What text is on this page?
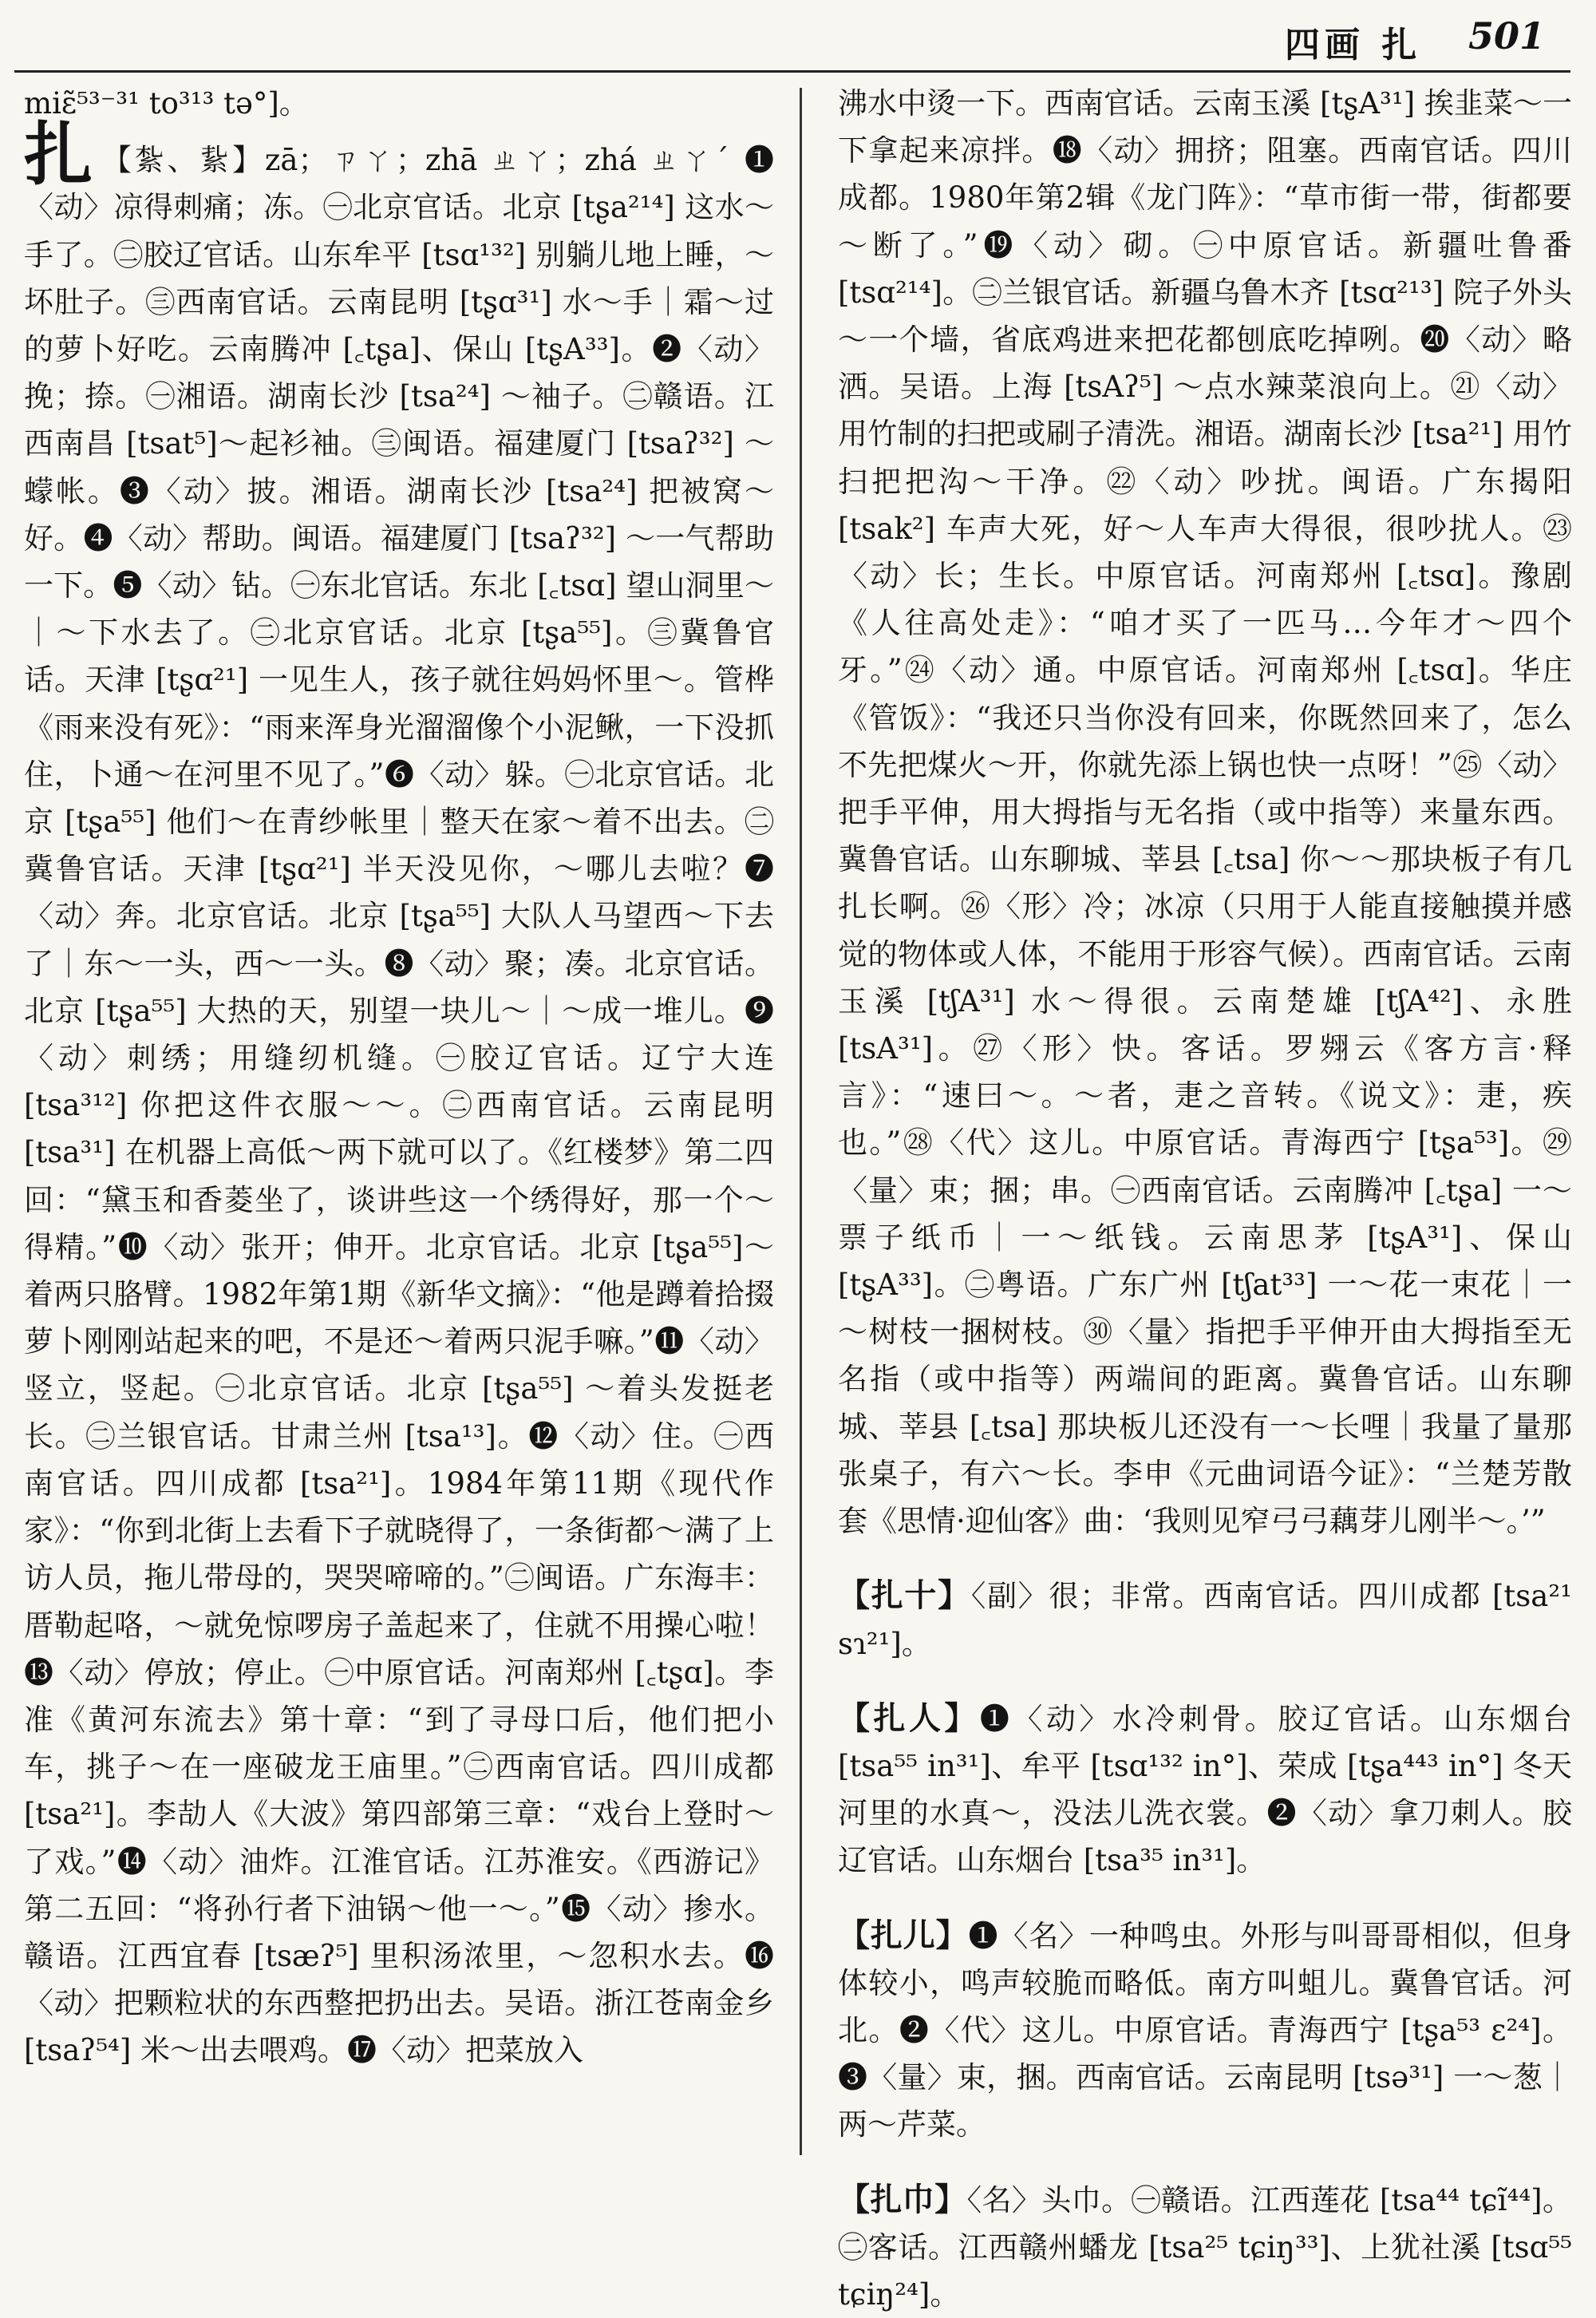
四画 扎 501

miɛ̃⁵³⁻³¹ to³¹³ tə°]。

扎 【紮、紥】zā；ㄗㄚ；zhā ㄓㄚ；zhá ㄓㄚˊ ❶〈动〉凉得刺痛；冻。㊀北京官话。北京 [tʂa²¹⁴] 这水～手了。㊁胶辽官话。山东牟平 [tsɑ¹³²] 别躺儿地上睡，～坏肚子。㊂西南官话。云南昆明 [tʂɑ³¹] 水～手｜霜～过的萝卜好吃。云南腾冲 [꜀tʂa]、保山 [tʂA³³]。❷〈动〉挽；捺。㊀湘语。湖南长沙 [tsa²⁴] ～袖子。㊁赣语。江西南昌 [tsat⁵]～起衫袖。㊂闽语。福建厦门 [tsaʔ³²] ～蠓帐。❸〈动〉披。湘语。湖南长沙 [tsa²⁴] 把被窝～好。❹〈动〉帮助。闽语。福建厦门 [tsaʔ³²] ～一气帮助一下。❺〈动〉钻。㊀东北官话。东北 [꜀tsɑ] 望山洞里～｜～下水去了。㊁北京官话。北京 [tʂa⁵⁵]。㊂冀鲁官话。天津 [tʂɑ²¹] 一见生人，孩子就往妈妈怀里～。管桦《雨来没有死》：“雨来浑身光溜溜像个小泥鳅，一下没抓住，卜通～在河里不见了。”❻〈动〉躲。㊀北京官话。北京 [tʂa⁵⁵] 他们～在青纱帐里｜整天在家～着不出去。㊁冀鲁官话。天津 [tʂɑ²¹] 半天没见你，～哪儿去啦？❼〈动〉奔。北京官话。北京 [tʂa⁵⁵] 大队人马望西～下去了｜东～一头，西～一头。❽〈动〉聚；凑。北京官话。北京 [tʂa⁵⁵] 大热的天，别望一块儿～｜～成一堆儿。❾〈动〉刺绣；用缝纫机缝。㊀胶辽官话。辽宁大连 [tsa³¹²] 你把这件衣服～～。㊁西南官话。云南昆明 [tsa³¹] 在机器上高低～两下就可以了。《红楼梦》第二四回：“黛玉和香菱坐了，谈讲些这一个绣得好，那一个～得精。”❿〈动〉张开；伸开。北京官话。北京 [tʂa⁵⁵]～着两只胳臂。1982年第1期《新华文摘》：“他是蹲着拾掇萝卜刚刚站起来的吧，不是还～着两只泥手嘛。”⓫〈动〉竖立，竖起。㊀北京官话。北京 [tʂa⁵⁵] ～着头发挺老长。㊁兰银官话。甘肃兰州 [tsa¹³]。⓬〈动〉住。㊀西南官话。四川成都 [tsa²¹]。1984年第11期《现代作家》：“你到北街上去看下子就晓得了，一条街都～满了上访人员，拖儿带母的，哭哭啼啼的。”㊁闽语。广东海丰：厝勒起咯，～就免惊啰房子盖起来了，住就不用操心啦！⓭〈动〉停放；停止。㊀中原官话。河南郑州 [꜀tʂɑ]。李准《黄河东流去》第十章：“到了寻母口后，他们把小车，挑子～在一座破龙王庙里。”㊁西南官话。四川成都 [tsa²¹]。李劼人《大波》第四部第三章：“戏台上登时～了戏。”⓮〈动〉油炸。江淮官话。江苏淮安。《西游记》第二五回：“将孙行者下油锅～他一～。”⓯〈动〉掺水。赣语。江西宜春 [tsæʔ⁵] 里积汤浓里，～忽积水去。⓰〈动〉把颗粒状的东西整把扔出去。吴语。浙江苍南金乡 [tsaʔ⁵⁴] 米～出去喂鸡。⓱〈动〉把菜放入

沸水中烫一下。西南官话。云南玉溪 [tʂA³¹] 挨韭菜～一下拿起来凉拌。⓲〈动〉拥挤；阻塞。西南官话。四川成都。1980年第2辑《龙门阵》：“草市街一带，街都要～断了。”⓳〈动〉砌。㊀中原官话。新疆吐鲁番 [tsɑ²¹⁴]。㊁兰银官话。新疆乌鲁木齐 [tsɑ²¹³] 院子外头～一个墙，省底鸡进来把花都刨底吃掉咧。⓴〈动〉略洒。吴语。上海 [tsAʔ⁵] ～点水辣菜浪向上。㉑〈动〉用竹制的扫把或刷子清洗。湘语。湖南长沙 [tsa²¹] 用竹扫把把沟～干净。㉒〈动〉吵扰。闽语。广东揭阳 [tsak²] 车声大死，好～人车声大得很，很吵扰人。㉓〈动〉长；生长。中原官话。河南郑州 [꜀tsɑ]。豫剧《人往高处走》：“咱才买了一匹马…今年才～四个牙。”㉔〈动〉通。中原官话。河南郑州 [꜀tsɑ]。华庄《管饭》：“我还只当你没有回来，你既然回来了，怎么不先把煤火～开，你就先添上锅也快一点呀！”㉕〈动〉把手平伸，用大拇指与无名指（或中指等）来量东西。冀鲁官话。山东聊城、莘县 [꜀tsa] 你～～那块板子有几扎长啊。㉖〈形〉冷；冰凉（只用于人能直接触摸并感觉的物体或人体，不能用于形容气候）。西南官话。云南玉溪 [tʃA³¹] 水～得很。云南楚雄 [tʃA⁴²]、永胜 [tsA³¹]。㉗〈形〉快。客话。罗翙云《客方言·释言》：“速曰～。～者，疌之音转。《说文》：疌，疾也。”㉘〈代〉这儿。中原官话。青海西宁 [tʂa⁵³]。㉙〈量〉束；捆；串。㊀西南官话。云南腾冲 [꜀tʂa] 一～票子纸币｜一～纸钱。云南思茅 [tʂA³¹]、保山 [tʂA³³]。㊁粤语。广东广州 [tʃat³³] 一～花一束花｜一～树枝一捆树枝。㉚〈量〉指把手平伸开由大拇指至无名指（或中指等）两端间的距离。冀鲁官话。山东聊城、莘县 [꜀tsa] 那块板儿还没有一～长哩｜我量了量那张桌子，有六～长。李申《元曲词语今证》：“兰楚芳散套《思情·迎仙客》曲：‘我则见窄弓弓藕芽儿刚半～。’”

【扎十】〈副〉很；非常。西南官话。四川成都 [tsa²¹ sɿ²¹]。

【扎人】❶〈动〉水冷刺骨。胶辽官话。山东烟台 [tsa⁵⁵ in³¹]、牟平 [tsɑ¹³² in°]、荣成 [tʂa⁴⁴³ in°] 冬天河里的水真～，没法儿洗衣裳。❷〈动〉拿刀刺人。胶辽官话。山东烟台 [tsa³⁵ in³¹]。

【扎儿】❶〈名〉一种鸣虫。外形与叫哥哥相似，但身体较小，鸣声较脆而略低。南方叫蛆儿。冀鲁官话。河北。❷〈代〉这儿。中原官话。青海西宁 [tʂa⁵³ ɛ²⁴]。❸〈量〉束，捆。西南官话。云南昆明 [tsə³¹] 一～葱｜两～芹菜。

【扎巾】〈名〉头巾。㊀赣语。江西莲花 [tsa⁴⁴ tɕĩ⁴⁴]。㊁客话。江西赣州蟠龙 [tsa²⁵ tɕiŋ³³]、上犹社溪 [tsɑ⁵⁵ tɕiŋ²⁴]。
